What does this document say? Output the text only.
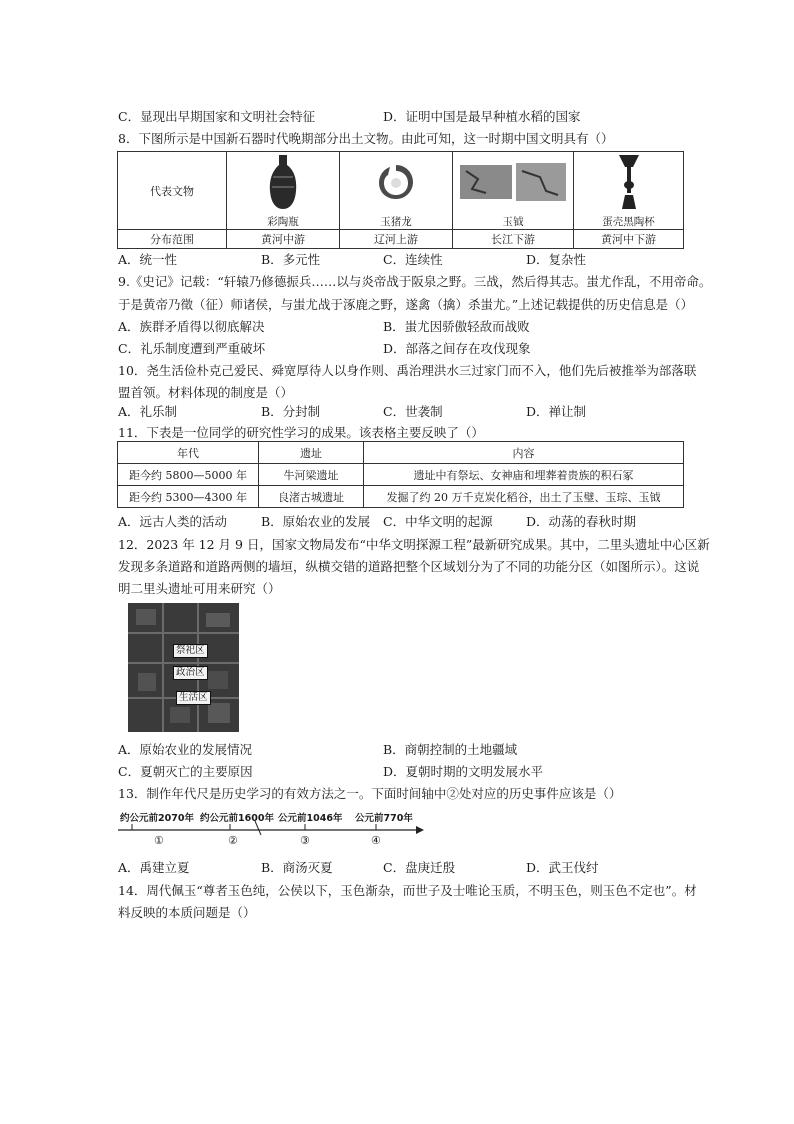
C．显现出早期国家和文明社会特征	D．证明中国是最早种植水稻的国家
8．下图所示是中国新石器时代晚期部分出土文物。由此可知，这一时期中国文明具有（）
代表文物	彩陶瓶	玉猪龙	玉钺	蛋壳黑陶杯

分布范围	黄河中游	辽河上游	长江下游	黄河中下游
A．统一性	B．多元性	C．连续性	D．复杂性
9.《史记》记载：“轩辕乃修德振兵……以与炎帝战于阪泉之野。三战，然后得其志。蚩尤作乱，不用帝命。
于是黄帝乃徵（征）师诸侯，与蚩尤战于涿鹿之野，遂禽（擒）杀蚩尤。”上述记载提供的历史信息是（）
A．族群矛盾得以彻底解决	B．蚩尤因骄傲轻敌而战败
C．礼乐制度遭到严重破坏	D．部落之间存在攻伐现象
10．尧生活俭朴克己爱民、舜宽厚待人以身作则、禹治理洪水三过家门而不入，他们先后被推举为部落联
盟首领。材料体现的制度是（）
A．礼乐制	B．分封制	C．世袭制	D．禅让制
11．下表是一位同学的研究性学习的成果。该表格主要反映了（）
年代	遗址	内容
距今约 5800—5000 年	牛河梁遗址	遗址中有祭坛、女神庙和埋葬着贵族的积石冢
距今约 5300—4300 年	良渚古城遗址	发掘了约 20 万千克炭化稻谷，出土了玉璧、玉琮、玉钺
A．远古人类的活动	B．原始农业的发展 C．中华文明的起源	D．动荡的春秋时期
12．2023 年 12 月 9 日，国家文物局发布“中华文明探源工程”最新研究成果。其中，二里头遗址中心区新
发现多条道路和道路两侧的墙垣，纵横交错的道路把整个区域划分为了不同的功能分区（如图所示）。这说
明二里头遗址可用来研究（）
祭祀区
政治区
生活区
A．原始农业的发展情况	B．商朝控制的土地疆域
C．夏朝灭亡的主要原因	D．夏朝时期的文明发展水平
13．制作年代尺是历史学习的有效方法之一。下面时间轴中②处对应的历史事件应该是（）
约公元前2070年 约公元前1600年 公元前1046年 公元前770年
①	②	③	④
A．禹建立夏	B．商汤灭夏	C．盘庚迁殷	D．武王伐纣
14．周代佩玉“尊者玉色纯，公侯以下，玉色渐杂，而世子及士唯论玉质，不明玉色，则玉色不定也”。材
料反映的本质问题是（）
